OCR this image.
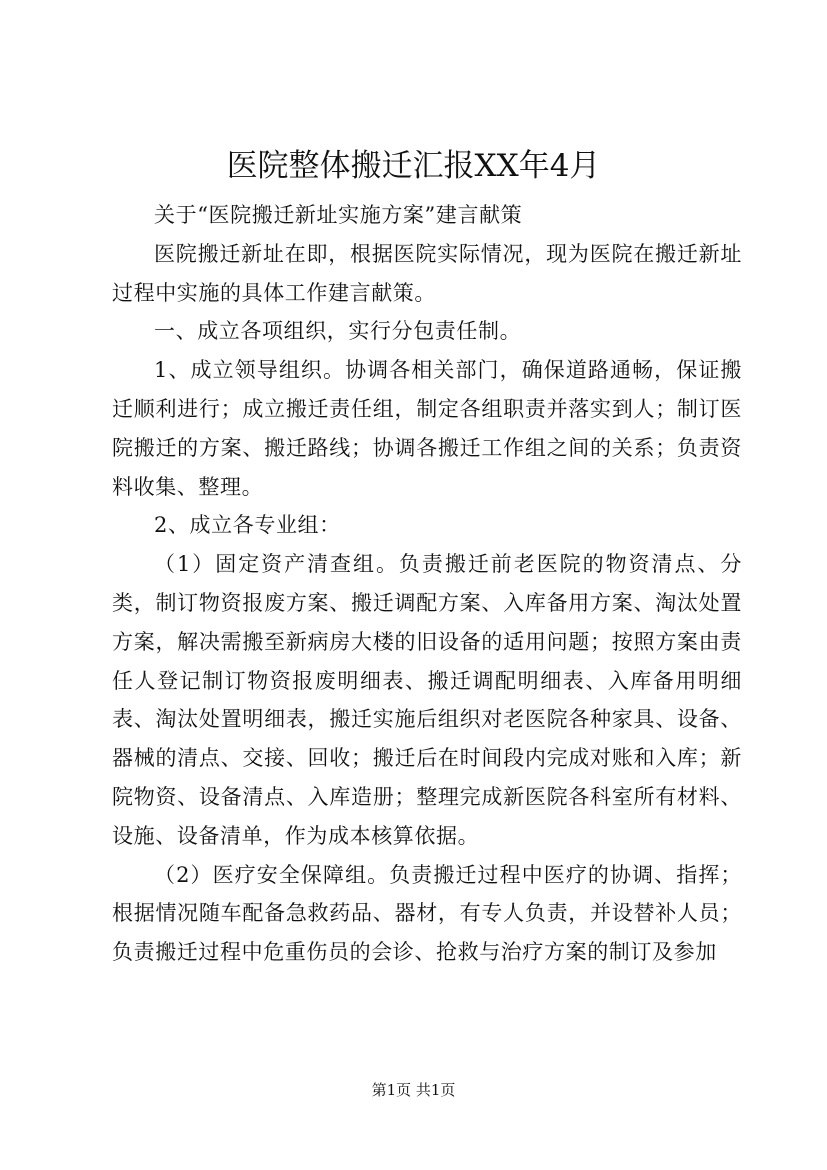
医院整体搬迁汇报XX年4月

关于“医院搬迁新址实施方案”建言献策

医院搬迁新址在即，根据医院实际情况，现为医院在搬迁新址过程中实施的具体工作建言献策。

一、成立各项组织，实行分包责任制。

1、成立领导组织。协调各相关部门，确保道路通畅，保证搬迁顺利进行；成立搬迁责任组，制定各组职责并落实到人；制订医院搬迁的方案、搬迁路线；协调各搬迁工作组之间的关系；负责资料收集、整理。

2、成立各专业组：

（1）固定资产清查组。负责搬迁前老医院的物资清点、分类，制订物资报废方案、搬迁调配方案、入库备用方案、淘汰处置方案，解决需搬至新病房大楼的旧设备的适用问题；按照方案由责任人登记制订物资报废明细表、搬迁调配明细表、入库备用明细表、淘汰处置明细表，搬迁实施后组织对老医院各种家具、设备、器械的清点、交接、回收；搬迁后在时间段内完成对账和入库；新院物资、设备清点、入库造册；整理完成新医院各科室所有材料、设施、设备清单，作为成本核算依据。

（2）医疗安全保障组。负责搬迁过程中医疗的协调、指挥；根据情况随车配备急救药品、器材，有专人负责，并设替补人员；负责搬迁过程中危重伤员的会诊、抢救与治疗方案的制订及参加

第1页 共1页
